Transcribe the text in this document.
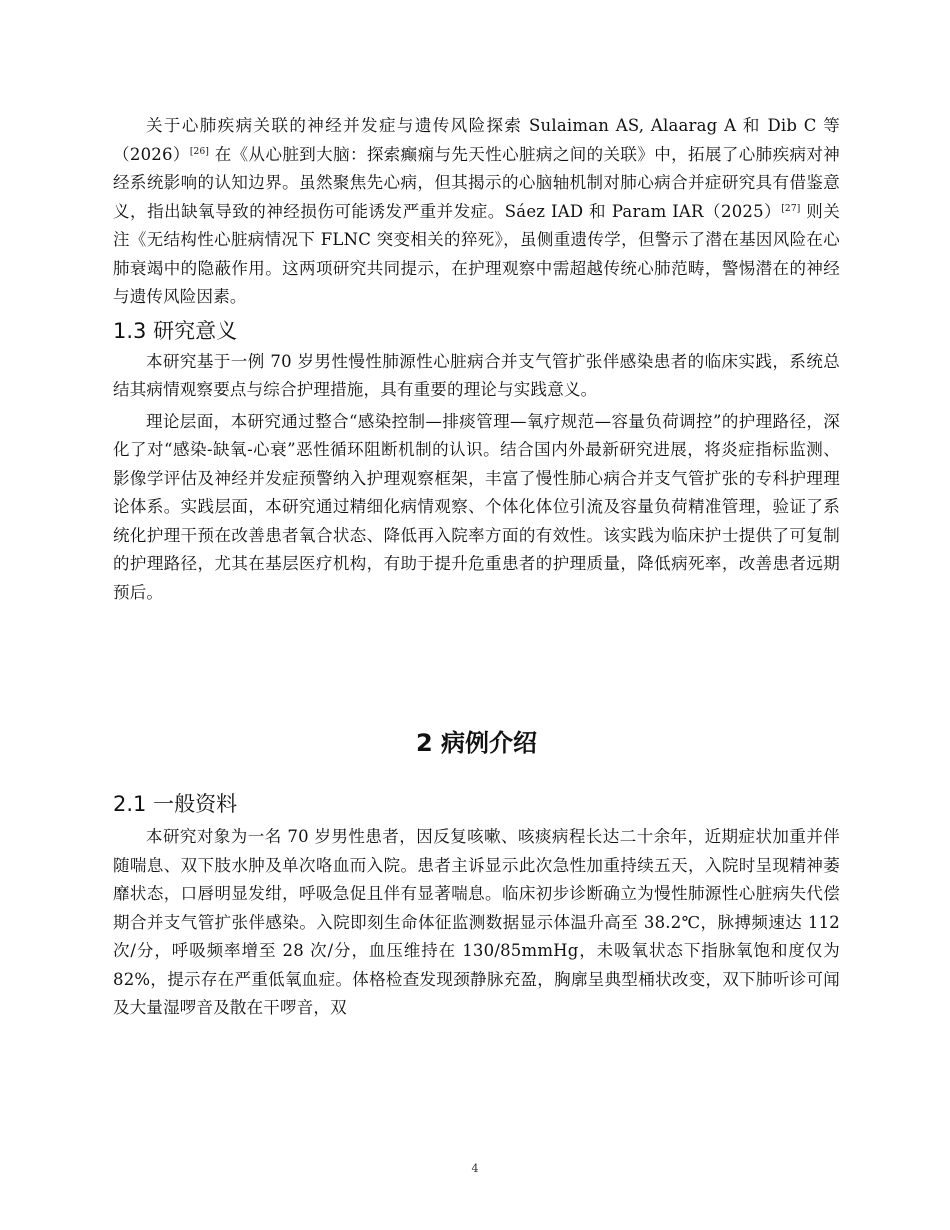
关于心肺疾病关联的神经并发症与遗传风险探索 Sulaiman AS, Alaarag A 和 Dib C 等（2026）[26] 在《从心脏到大脑：探索癫痫与先天性心脏病之间的关联》中，拓展了心肺疾病对神经系统影响的认知边界。虽然聚焦先心病，但其揭示的心脑轴机制对肺心病合并症研究具有借鉴意义，指出缺氧导致的神经损伤可能诱发严重并发症。Sáez IAD 和 Param IAR（2025）[27] 则关注《无结构性心脏病情况下 FLNC 突变相关的猝死》，虽侧重遗传学，但警示了潜在基因风险在心肺衰竭中的隐蔽作用。这两项研究共同提示，在护理观察中需超越传统心肺范畴，警惕潜在的神经与遗传风险因素。

1.3 研究意义

本研究基于一例 70 岁男性慢性肺源性心脏病合并支气管扩张伴感染患者的临床实践，系统总结其病情观察要点与综合护理措施，具有重要的理论与实践意义。

理论层面，本研究通过整合“感染控制—排痰管理—氧疗规范—容量负荷调控”的护理路径，深化了对“感染-缺氧-心衰”恶性循环阻断机制的认识。结合国内外最新研究进展，将炎症指标监测、影像学评估及神经并发症预警纳入护理观察框架，丰富了慢性肺心病合并支气管扩张的专科护理理论体系。实践层面，本研究通过精细化病情观察、个体化体位引流及容量负荷精准管理，验证了系统化护理干预在改善患者氧合状态、降低再入院率方面的有效性。该实践为临床护士提供了可复制的护理路径，尤其在基层医疗机构，有助于提升危重患者的护理质量，降低病死率，改善患者远期预后。

2 病例介绍
2.1 一般资料

本研究对象为一名 70 岁男性患者，因反复咳嗽、咳痰病程长达二十余年，近期症状加重并伴随喘息、双下肢水肿及单次咯血而入院。患者主诉显示此次急性加重持续五天，入院时呈现精神萎靡状态，口唇明显发绀，呼吸急促且伴有显著喘息。临床初步诊断确立为慢性肺源性心脏病失代偿期合并支气管扩张伴感染。入院即刻生命体征监测数据显示体温升高至 38.2℃，脉搏频速达 112 次/分，呼吸频率增至 28 次/分，血压维持在 130/85mmHg，未吸氧状态下指脉氧饱和度仅为 82%，提示存在严重低氧血症。体格检查发现颈静脉充盈，胸廓呈典型桶状改变，双下肺听诊可闻及大量湿啰音及散在干啰音，双

4
